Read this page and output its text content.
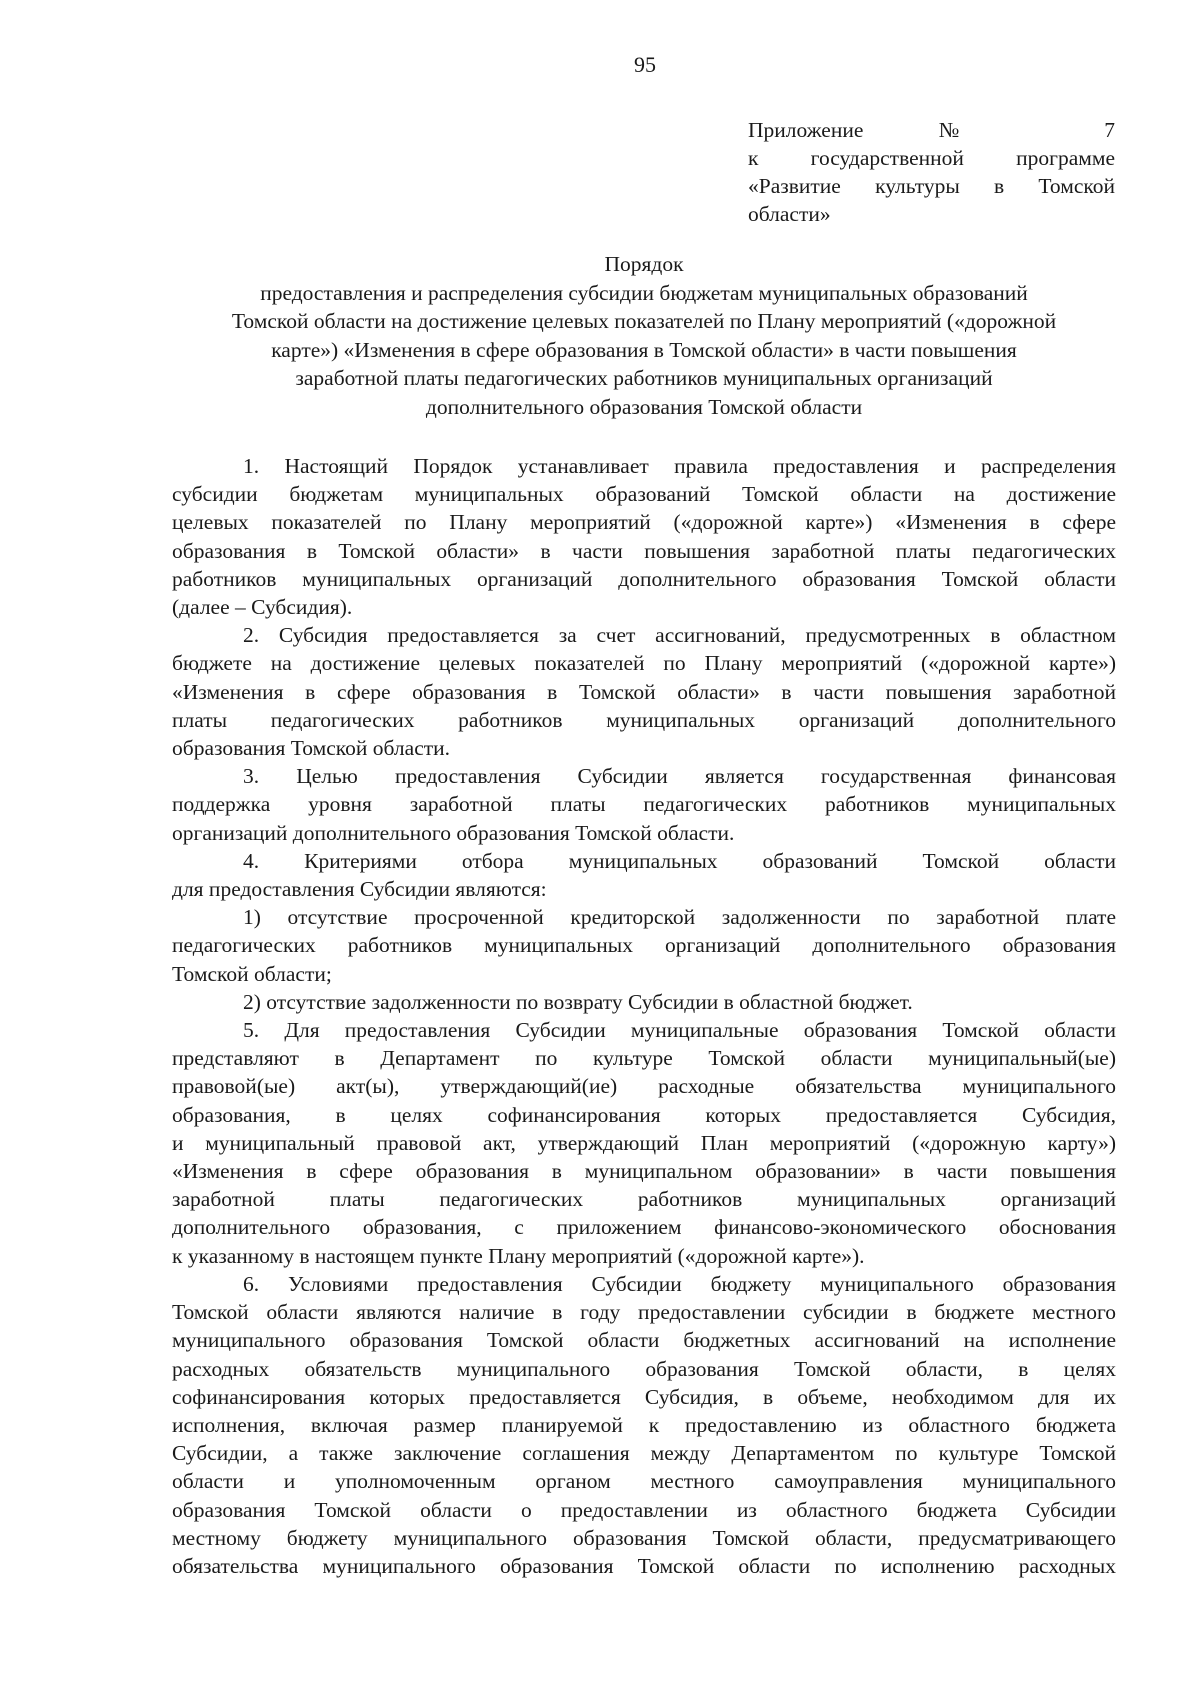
95
Приложение № 7
к государственной программе
«Развитие культуры в Томской
области»
Порядок
предоставления и распределения субсидии бюджетам муниципальных образований
Томской области на достижение целевых показателей по Плану мероприятий («дорожной
карте») «Изменения в сфере образования в Томской области» в части повышения
заработной платы педагогических работников муниципальных организаций
дополнительного образования Томской области
1. Настоящий Порядок устанавливает правила предоставления и распределения
субсидии бюджетам муниципальных образований Томской области на достижение
целевых показателей по Плану мероприятий («дорожной карте») «Изменения в сфере
образования в Томской области» в части повышения заработной платы педагогических
работников муниципальных организаций дополнительного образования Томской области
(далее – Субсидия).
2. Субсидия предоставляется за счет ассигнований, предусмотренных в областном
бюджете на достижение целевых показателей по Плану мероприятий («дорожной карте»)
«Изменения в сфере образования в Томской области» в части повышения заработной
платы педагогических работников муниципальных организаций дополнительного
образования Томской области.
3. Целью предоставления Субсидии является государственная финансовая
поддержка уровня заработной платы педагогических работников муниципальных
организаций дополнительного образования Томской области.
4. Критериями отбора муниципальных образований Томской области
для предоставления Субсидии являются:
1) отсутствие просроченной кредиторской задолженности по заработной плате
педагогических работников муниципальных организаций дополнительного образования
Томской области;
2) отсутствие задолженности по возврату Субсидии в областной бюджет.
5. Для предоставления Субсидии муниципальные образования Томской области
представляют в Департамент по культуре Томской области муниципальный(ые)
правовой(ые) акт(ы), утверждающий(ие) расходные обязательства муниципального
образования, в целях софинансирования которых предоставляется Субсидия,
и муниципальный правовой акт, утверждающий План мероприятий («дорожную карту»)
«Изменения в сфере образования в муниципальном образовании» в части повышения
заработной платы педагогических работников муниципальных организаций
дополнительного образования, с приложением финансово-экономического обоснования
к указанному в настоящем пункте Плану мероприятий («дорожной карте»).
6. Условиями предоставления Субсидии бюджету муниципального образования
Томской области являются наличие в году предоставлении субсидии в бюджете местного
муниципального образования Томской области бюджетных ассигнований на исполнение
расходных обязательств муниципального образования Томской области, в целях
софинансирования которых предоставляется Субсидия, в объеме, необходимом для их
исполнения, включая размер планируемой к предоставлению из областного бюджета
Субсидии, а также заключение соглашения между Департаментом по культуре Томской
области и уполномоченным органом местного самоуправления муниципального
образования Томской области о предоставлении из областного бюджета Субсидии
местному бюджету муниципального образования Томской области, предусматривающего
обязательства муниципального образования Томской области по исполнению расходных
